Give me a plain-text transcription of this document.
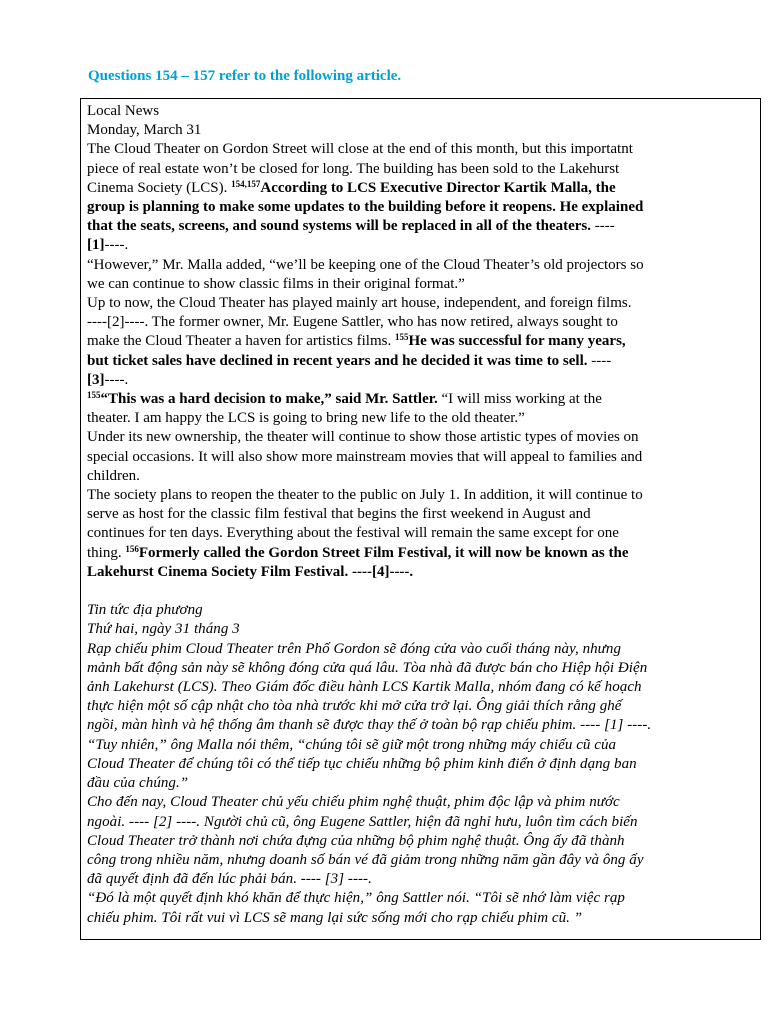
Questions 154 – 157 refer to the following article.
Local News
Monday, March 31
The Cloud Theater on Gordon Street will close at the end of this month, but this importatnt
piece of real estate won’t be closed for long. The building has been sold to the Lakehurst
Cinema Society (LCS). $^{154,157}$According to LCS Executive Director Kartik Malla, the
group is planning to make some updates to the building before it reopens. He explained
that the seats, screens, and sound systems will be replaced in all of the theaters. ----
[1]----.
“However,” Mr. Malla added, “we’ll be keeping one of the Cloud Theater’s old projectors so
we can continue to show classic films in their original format.”
Up to now, the Cloud Theater has played mainly art house, independent, and foreign films.
----[2]----. The former owner, Mr. Eugene Sattler, who has now retired, always sought to
make the Cloud Theater a haven for artistics films. $^{155}$He was successful for many years,
but ticket sales have declined in recent years and he decided it was time to sell. ----
[3]----.
$^{155}$“This was a hard decision to make,” said Mr. Sattler. “I will miss working at the
theater. I am happy the LCS is going to bring new life to the old theater.”
Under its new ownership, the theater will continue to show those artistic types of movies on
special occasions. It will also show more mainstream movies that will appeal to families and
children.
The society plans to reopen the theater to the public on July 1. In addition, it will continue to
serve as host for the classic film festival that begins the first weekend in August and
continues for ten days. Everything about the festival will remain the same except for one
thing. $^{156}$Formerly called the Gordon Street Film Festival, it will now be known as the
Lakehurst Cinema Society Film Festival. ----[4]----.
Tin tức địa phương
Thứ hai, ngày 31 tháng 3
Rạp chiếu phim Cloud Theater trên Phố Gordon sẽ đóng cửa vào cuối tháng này, nhưng
mảnh bất động sản này sẽ không đóng cửa quá lâu. Tòa nhà đã được bán cho Hiệp hội Điện
ảnh Lakehurst (LCS). Theo Giám đốc điều hành LCS Kartik Malla, nhóm đang có kế hoạch
thực hiện một số cập nhật cho tòa nhà trước khi mở cửa trở lại. Ông giải thích rằng ghế
ngồi, màn hình và hệ thống âm thanh sẽ được thay thế ở toàn bộ rạp chiếu phim. ---- [1] ----.
“Tuy nhiên,” ông Malla nói thêm, “chúng tôi sẽ giữ một trong những máy chiếu cũ của
Cloud Theater để chúng tôi có thể tiếp tục chiếu những bộ phim kinh điển ở định dạng ban
đầu của chúng.”
Cho đến nay, Cloud Theater chủ yếu chiếu phim nghệ thuật, phim độc lập và phim nước
ngoài. ---- [2] ----. Người chủ cũ, ông Eugene Sattler, hiện đã nghỉ hưu, luôn tìm cách biến
Cloud Theater trở thành nơi chứa đựng của những bộ phim nghệ thuật. Ông ấy đã thành
công trong nhiều năm, nhưng doanh số bán vé đã giảm trong những năm gần đây và ông ấy
đã quyết định đã đến lúc phải bán. ---- [3] ----.
“Đó là một quyết định khó khăn để thực hiện,” ông Sattler nói. “Tôi sẽ nhớ làm việc rạp
chiếu phim. Tôi rất vui vì LCS sẽ mang lại sức sống mới cho rạp chiếu phim cũ. ”
